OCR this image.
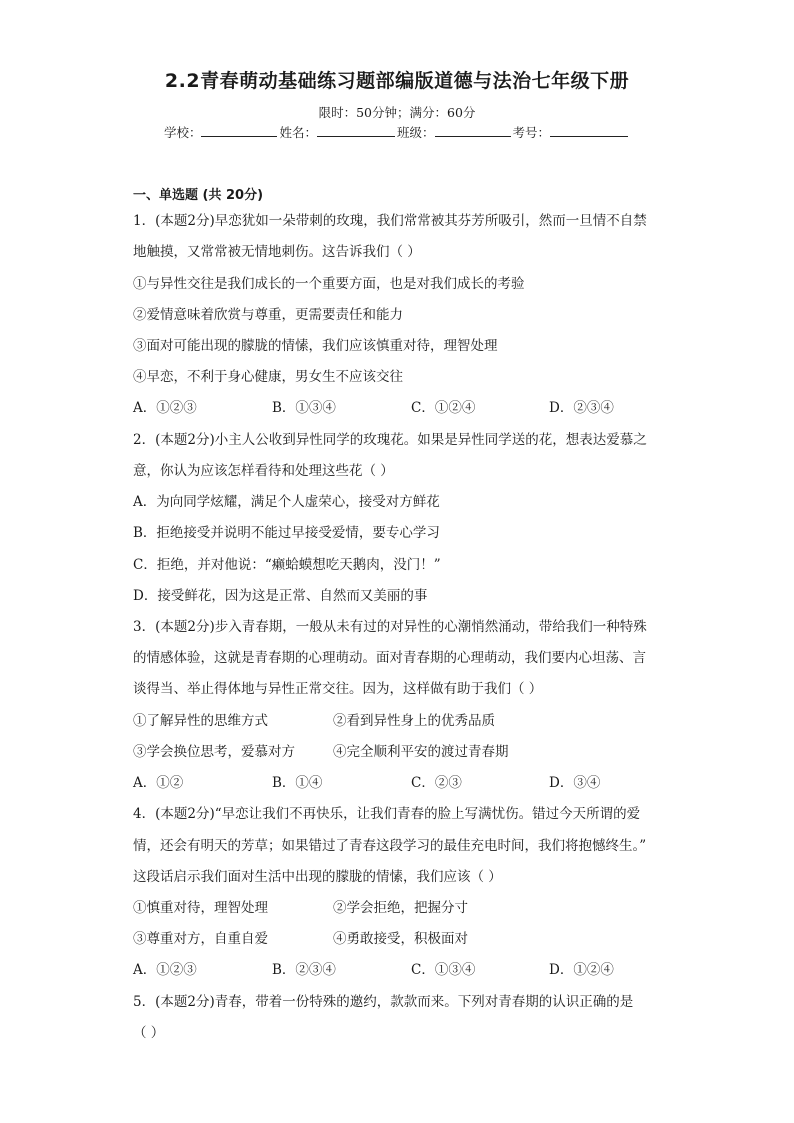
2.2青春萌动基础练习题部编版道德与法治七年级下册
限时：50分钟；满分：60分
学校：	姓名：	班级：	考号：
一、单选题 (共 20分)
1．(本题2分)早恋犹如一朵带刺的玫瑰，我们常常被其芬芳所吸引，然而一旦情不自禁
地触摸，又常常被无情地刺伤。这告诉我们（ ）
①与异性交往是我们成长的一个重要方面，也是对我们成长的考验
②爱情意味着欣赏与尊重，更需要责任和能力
③面对可能出现的朦胧的情愫，我们应该慎重对待，理智处理
④早恋，不利于身心健康，男女生不应该交往
A．①②③	B．①③④	C．①②④	D．②③④
2．(本题2分)小主人公收到异性同学的玫瑰花。如果是异性同学送的花，想表达爱慕之
意，你认为应该怎样看待和处理这些花（ ）
A．为向同学炫耀，满足个人虚荣心，接受对方鲜花
B．拒绝接受并说明不能过早接受爱情，要专心学习
C．拒绝，并对他说：“癞蛤蟆想吃天鹅肉，没门！”
D．接受鲜花，因为这是正常、自然而又美丽的事
3．(本题2分)步入青春期，一般从未有过的对异性的心潮悄然涌动，带给我们一种特殊
的情感体验，这就是青春期的心理萌动。面对青春期的心理萌动，我们要内心坦荡、言
谈得当、举止得体地与异性正常交往。因为，这样做有助于我们（ ）
①了解异性的思维方式	②看到异性身上的优秀品质
③学会换位思考，爱慕对方	④完全顺利平安的渡过青春期
A．①②	B．①④	C．②③	D．③④
4．(本题2分)“早恋让我们不再快乐，让我们青春的脸上写满忧伤。错过今天所谓的爱
情，还会有明天的芳草；如果错过了青春这段学习的最佳充电时间，我们将抱憾终生。”
这段话启示我们面对生活中出现的朦胧的情愫，我们应该（ ）
①慎重对待，理智处理	②学会拒绝，把握分寸
③尊重对方，自重自爱	④勇敢接受，积极面对
A．①②③	B．②③④	C．①③④	D．①②④
5．(本题2分)青春，带着一份特殊的邀约，款款而来。下列对青春期的认识正确的是
（ ）
